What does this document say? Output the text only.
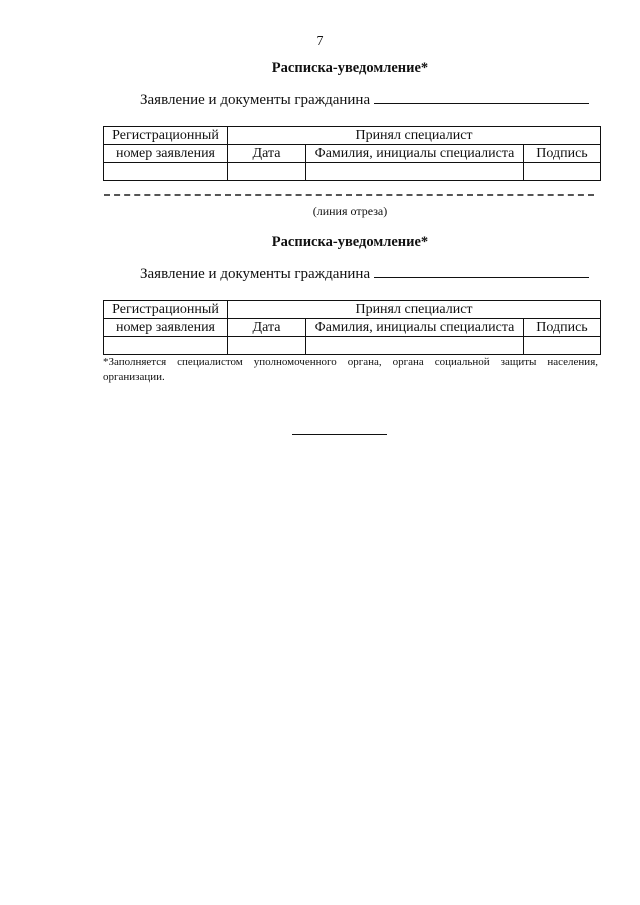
7
Расписка-уведомление*
Заявление и документы гражданина
Регистрационный	Принял специалист		
номер заявления	Дата	Фамилия, инициалы специалиста	Подпись

(линия отреза)
Расписка-уведомление*
Заявление и документы гражданина
Регистрационный	Принял специалист		
номер заявления	Дата	Фамилия, инициалы специалиста	Подпись

*Заполняется специалистом уполномоченного органа, органа социальной защиты населения, организации.
